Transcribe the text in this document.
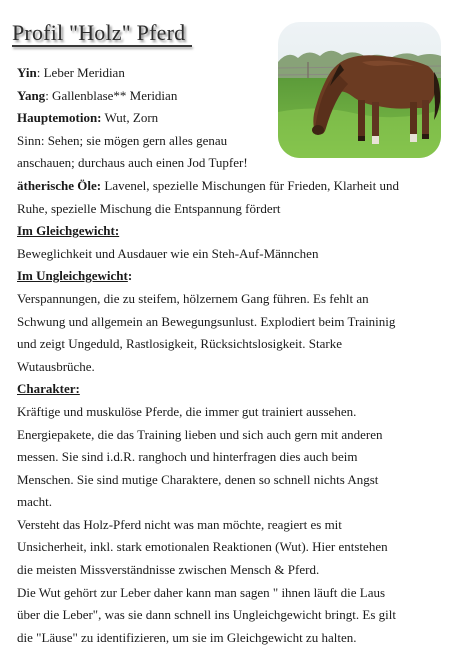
Profil "Holz" Pferd

Yin: Leber Meridian

Yang: Gallenblase** Meridian

Hauptemotion: Wut, Zorn

Sinn: Sehen; sie mögen gern alles genau

anschauen; durchaus auch einen Jod Tupfer!

ätherische Öle: Lavenel, spezielle Mischungen für Frieden, Klarheit und

Ruhe, spezielle Mischung die Entspannung fördert

Im Gleichgewicht:

Beweglichkeit und Ausdauer wie ein Steh-Auf-Männchen

Im Ungleichgewicht:

Verspannungen, die zu steifem, hölzernem Gang führen. Es fehlt an

Schwung und allgemein an Bewegungsunlust. Explodiert beim Traininig

und zeigt Ungeduld, Rastlosigkeit, Rücksichtslosigkeit. Starke

Wutausbrüche.

Charakter:

Kräftige und muskulöse Pferde, die immer gut trainiert aussehen.

Energiepakete, die das Training lieben und sich auch gern mit anderen

messen. Sie sind i.d.R. ranghoch und hinterfragen dies auch beim

Menschen. Sie sind mutige Charaktere, denen so schnell nichts Angst

macht.

Versteht das Holz-Pferd nicht was man möchte, reagiert es mit

Unsicherheit, inkl. stark emotionalen Reaktionen (Wut). Hier entstehen

die meisten Missverständnisse zwischen Mensch & Pferd.

Die Wut gehört zur Leber daher kann man sagen " ihnen läuft die Laus

über die Leber", was sie dann schnell ins Ungleichgewicht bringt. Es gilt

die "Läuse" zu identifizieren, um sie im Gleichgewicht zu halten.
